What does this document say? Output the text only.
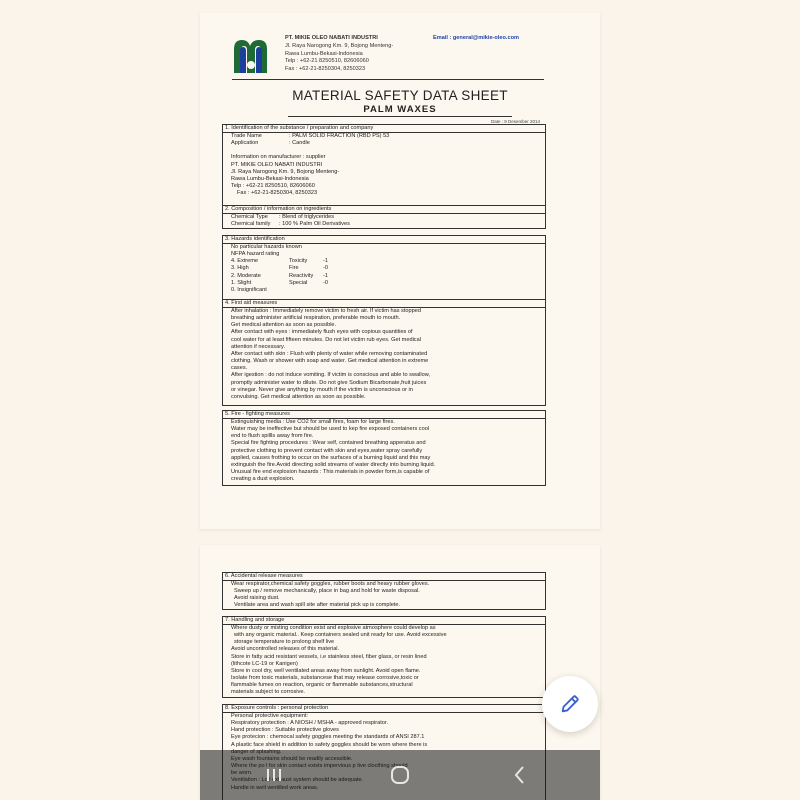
PT. MIKIE OLEO NABATI INDUSTRI
Jl. Raya Narogong Km. 9, Bojong Menteng-
Rawa Lumbu-Bekasi-Indonesia
Telp : +62-21 8250510, 82606060
Fax : +62-21-8250304, 8250323
Email : general@mikie-oleo.com
MATERIAL SAFETY DATA SHEET
PALM WAXES
Date : 9 Desember 2014
1. Identification of the substance / preparation and company
Trade Name	: PALM SOLID FRACTION (RBD PS) 53
Application	: Candle

Information on manufacturer : supplier
PT. MIKIE OLEO NABATI INDUSTRI
Jl. Raya Narogong Km. 9, Bojong Menteng-
Rawa Lumbu-Bekasi-Indonesia
Telp : +62-21 8250510, 82606060
Fax : +62-21-8250304, 8250323
2. Composition / information on ingredients
Chemical Type	: Blend of triglycerides
Chemical family	: 100 % Palm Oil Derivatives
3. Hazards identification
No particular hazards known
NFPA hazard rating
4. Extreme	Toxicity	-1
3. High	Fire	-0
2. Moderate	Reactivity	-1
1. Slight	Special	-0
0. Insignificant
4. First aid measures
After inhalation : Immediately remove victim to fresh air. If victim has stopped
breathing administer artificial respiration, preferable mouth to mouth.
Get medical attention as soon as possible.
After contact with eyes : immediately flush eyes with copious quantities of
cool water for at least fifteen minutes. Do not let victim rub eyes. Get medical
attention if necessary.
After contact with skin : Flush with plenty of water while removing contaminated
clothing. Wash or shower with soap and water. Get medical attention in extreme
cases.
After igestion : do not induce vomiting. If victim is conscious and able to swallow,
promptly administer water to dilute. Do not give Sodium Bicarbonate,fruit juices
or vinegar. Never give anything by mouth if the victim is unconscious or in
convulsing. Get medical attention as soon as possible.
5. Fire - fighting measures
Extinguishing media : Use CO2 for small fires, foam for large fires.
Water may be ineffective but should be used to kep fire exposed containers cool
end to flush spillls away from fire.
Special fire fighting procedures : Wear self, contained breathing apperatus and
protective clothing to prevent contact with skin and eyes,water spray carefully
applied, causes frothing to occur on the surfaces of a burning liquid and this may
extinguish the fire.Avoid directing solid streams of water directly into burning liquid.
Unusual fire end explosion hazards : This materials in powder form,is capable of
creating a dust explosion.
6. Accidental release measures
Wear respirator,chemical safety goggles, rubber boots and heavy rubber gloves.
Sweep up / remove mechanically, place in bag and hold for waste disposal.
Avoid raising dust.
Ventilate area and wash spill site after material pick up is complete.
7. Handling and storage
Where dusty or misting condition exist and explosive atmosphere could develop as
with any organic material.. Keep containers sealed unit ready for use. Avoid excessive
storage temperature to prolong shelf live
Avoid uncontrolled releases of this material.
Store in fatty acid resistant vessels, i.e stainless steel, fiber glass, or resin lined
(lithcote LC-19 or Kanigen)
Store in cool dry, well ventilated areas away from sunlight. Avoid open flame.
Isolate from toxic materials, substancese that may release corrosive,toxic or
flammable fumes on reaction, organic or flammable substances,structural
materials subject to corrosive.
8. Exposure controls : personal protection
Personal protective equipment:
Respiratory protection : A NIOSH / MSHA - approved respirator.
Hand protection : Suitable protective gloves
Eye protecion : chemocal safety goggles meeting the standards of ANSI 287.1
A plastic face shield in addition to safety goggles should be worn where there is
